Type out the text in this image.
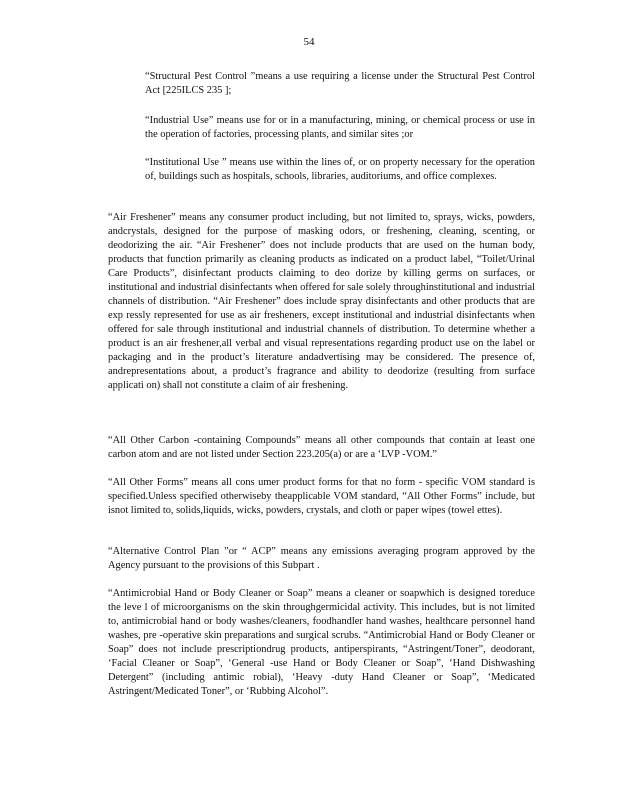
54

“Structural Pest Control ”means a use requiring a license under the Structural Pest Control Act [225ILCS 235 ];

“Industrial Use” means use for or in a manufacturing, mining, or chemical process or use in the operation of factories, processing plants, and similar sites ;or

“Institutional Use ” means use within the lines of, or on property necessary for the operation of, buildings such as hospitals, schools, libraries, auditoriums, and office complexes.

“Air Freshener” means any consumer product including, but not limited to, sprays, wicks, powders, andcrystals, designed for the purpose of masking odors, or freshening, cleaning, scenting, or deodorizing the air. “Air Freshener” does not include products that are used on the human body, products that function primarily as cleaning products as indicated on a product label, “Toilet/Urinal Care Products”, disinfectant products claiming to deo dorize by killing germs on surfaces, or institutional and industrial disinfectants when offered for sale solely throughinstitutional and industrial channels of distribution. “Air Freshener” does include spray disinfectants and other products that are exp ressly represented for use as air fresheners, except institutional and industrial disinfectants when offered for sale through institutional and industrial channels of distribution. To determine whether a product is an air freshener,all verbal and visual representations regarding product use on the label or packaging and in the product’s literature andadvertising may be considered. The presence of, andrepresentations about, a product’s fragrance and ability to deodorize (resulting from surface applicati on) shall not constitute a claim of air freshening.

“All Other Carbon -containing Compounds” means all other compounds that contain at least one carbon atom and are not listed under Section 223.205(a) or are a ‘LVP -VOM.”

“All Other Forms” means all cons umer product forms for that no form - specific VOM standard is specified.Unless specified otherwiseby theapplicable VOM standard, “All Other Forms” include, but isnot limited to, solids,liquids, wicks, powders, crystals, and cloth or paper wipes (towel ettes).

“Alternative Control Plan ”or “ ACP” means any emissions averaging program approved by the Agency pursuant to the provisions of this Subpart .

“Antimicrobial Hand or Body Cleaner or Soap” means a cleaner or soapwhich is designed toreduce the leve l of microorganisms on the skin throughgermicidal activity. This includes, but is not limited to, antimicrobial hand or body washes/cleaners, foodhandler hand washes, healthcare personnel hand washes, pre -operative skin preparations and surgical scrubs. “Antimicrobial Hand or Body Cleaner or Soap” does not include prescriptiondrug products, antiperspirants, “Astringent/Toner”, deodorant, ‘Facial Cleaner or Soap”, ‘General -use Hand or Body Cleaner or Soap”, ‘Hand Dishwashing Detergent” (including antimic robial), ‘Heavy -duty Hand Cleaner or Soap”, ‘Medicated Astringent/Medicated Toner”, or ‘Rubbing Alcohol”.
